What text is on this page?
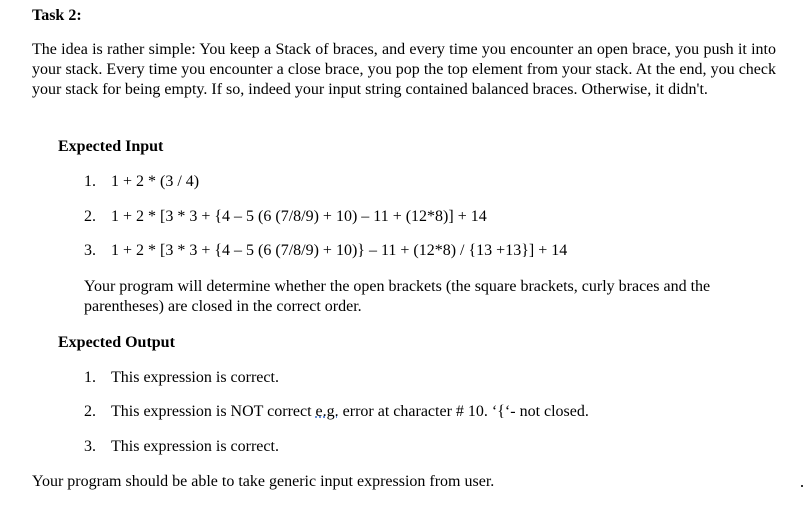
Task 2:
The idea is rather simple: You keep a Stack of braces, and every time you encounter an open brace, you push it into your stack. Every time you encounter a close brace, you pop the top element from your stack. At the end, you check your stack for being empty. If so, indeed your input string contained balanced braces. Otherwise, it didn't.
Expected Input
1. 1 + 2 * (3 / 4)
2. 1 + 2 * [3 * 3 + {4 – 5 (6 (7/8/9) + 10) – 11 + (12*8)] + 14
3. 1 + 2 * [3 * 3 + {4 – 5 (6 (7/8/9) + 10)} – 11 + (12*8) / {13 +13}] + 14
Your program will determine whether the open brackets (the square brackets, curly braces and the parentheses) are closed in the correct order.
Expected Output
1. This expression is correct.
2. This expression is NOT correct e.g. error at character # 10. ‘{‘- not closed.
3. This expression is correct.
Your program should be able to take generic input expression from user.
